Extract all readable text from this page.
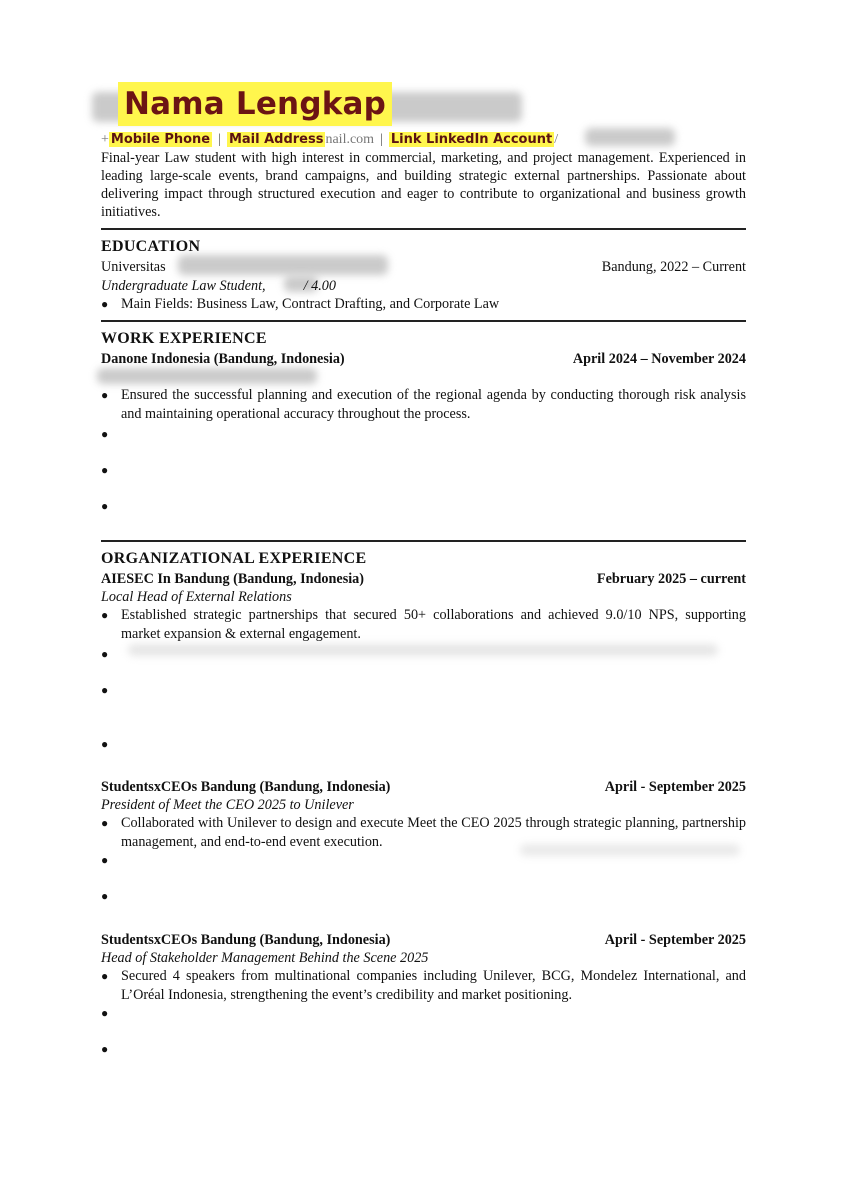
Nama Lengkap
+ Mobile Phone | Mail Address nail.com | Link LinkedIn Account /
Final-year Law student with high interest in commercial, marketing, and project management. Experienced in leading large-scale events, brand campaigns, and building strategic external partnerships. Passionate about delivering impact through structured execution and eager to contribute to organizational and business growth initiatives.
EDUCATION
Universitas	Bandung, 2022 – Current
Undergraduate Law Student,	/ 4.00
● Main Fields: Business Law, Contract Drafting, and Corporate Law
WORK EXPERIENCE
Danone Indonesia (Bandung, Indonesia)	April 2024 – November 2024
● Ensured the successful planning and execution of the regional agenda by conducting thorough risk analysis and maintaining operational accuracy throughout the process.
●
●
●
ORGANIZATIONAL EXPERIENCE
AIESEC In Bandung (Bandung, Indonesia)	February 2025 – current
Local Head of External Relations
● Established strategic partnerships that secured 50+ collaborations and achieved 9.0/10 NPS, supporting market expansion & external engagement.
●
●
●
StudentsxCEOs Bandung (Bandung, Indonesia)	April - September 2025
President of Meet the CEO 2025 to Unilever
● Collaborated with Unilever to design and execute Meet the CEO 2025 through strategic planning, partnership management, and end-to-end event execution.
●
●
StudentsxCEOs Bandung (Bandung, Indonesia)	April - September 2025
Head of Stakeholder Management Behind the Scene 2025
● Secured 4 speakers from multinational companies including Unilever, BCG, Mondelez International, and L’Oréal Indonesia, strengthening the event’s credibility and market positioning.
●
●
